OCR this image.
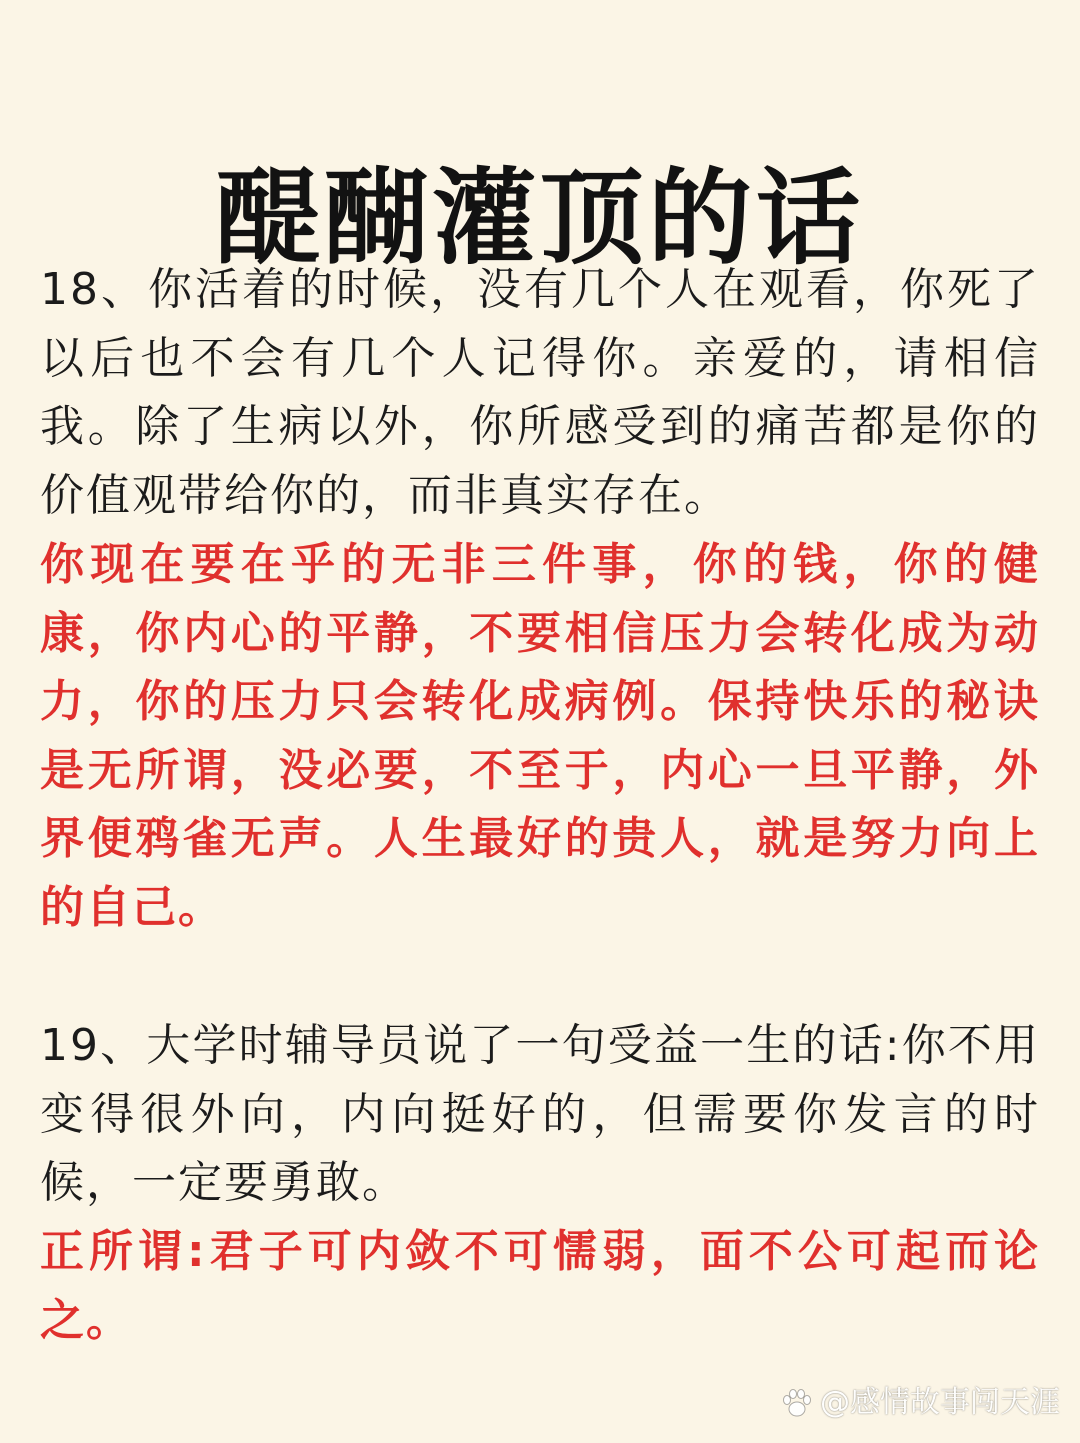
醍醐灌顶的话

18、你活着的时候，没有几个人在观看，你死了以后也不会有几个人记得你。亲爱的，请相信我。除了生病以外，你所感受到的痛苦都是你的价值观带给你的，而非真实存在。

你现在要在乎的无非三件事，你的钱，你的健康，你内心的平静，不要相信压力会转化成为动力，你的压力只会转化成病例。保持快乐的秘诀是无所谓，没必要，不至于，内心一旦平静，外界便鸦雀无声。人生最好的贵人，就是努力向上的自己。

19、大学时辅导员说了一句受益一生的话:你不用变得很外向，内向挺好的，但需要你发言的时候，一定要勇敢。

正所谓:君子可内敛不可懦弱，面不公可起而论之。

@感情故事闯天涯
